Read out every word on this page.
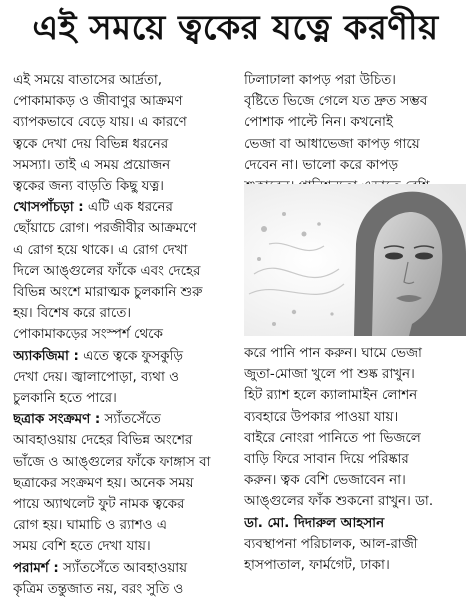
এই সময়ে ত্বকের যত্নে করণীয়

এই সময়ে বাতাসের আর্দ্রতা,

পোকামাকড় ও জীবাণুর আক্রমণ

ব্যাপকভাবে বেড়ে যায়। এ কারণে

ত্বকে দেখা দেয় বিভিন্ন ধরনের

সমস্যা। তাই এ সময় প্রয়োজন

ত্বকের জন্য বাড়তি কিছু যত্ন।

খোসপাঁচড়া : এটি এক ধরনের

ছোঁয়াচে রোগ। পরজীবীর আক্রমণে

এ রোগ হয়ে থাকে। এ রোগ দেখা

দিলে আঙ্গুলের ফাঁকে এবং দেহের

বিভিন্ন অংশে মারাত্মক চুলকানি শুরু

হয়। বিশেষ করে রাতে।

পোকামাকড়ের সংস্পর্শ থেকে

অ্যাকজিমা : এতে ত্বকে ফুসকুড়ি

দেখা দেয়। জ্বালাপোড়া, ব্যথা ও

চুলকানি হতে পারে।

ছত্রাক সংক্রমণ : স্যাঁতসেঁতে

আবহাওয়ায় দেহের বিভিন্ন অংশের

ভাঁজে ও আঙ্গুলের ফাঁকে ফাঙ্গাস বা

ছত্রাকের সংক্রমণ হয়। অনেক সময়

পায়ে অ্যাথলেট ফুট নামক ত্বকের

রোগ হয়। ঘামাচি ও র‍্যাশও এ

সময় বেশি হতে দেখা যায়।

পরামর্শ : স্যাঁতসেঁতে আবহাওয়ায়

কৃত্রিম তন্তুজাত নয়, বরং সুতি ও

ঢিলাঢালা কাপড় পরা উচিত।

বৃষ্টিতে ভিজে গেলে যত দ্রুত সম্ভব

পোশাক পাল্টে নিন। কখনোই

ভেজা বা আধাভেজা কাপড় গায়ে

দেবেন না। ভালো করে কাপড়

করে পানি পান করুন। ঘামে ভেজা

জুতা-মোজা খুলে পা শুষ্ক রাখুন।

হিট র‍্যাশ হলে ক্যালামাইন লোশন

ব্যবহারে উপকার পাওয়া যায়।

বাইরে নোংরা পানিতে পা ভিজলে

বাড়ি ফিরে সাবান দিয়ে পরিষ্কার

করুন। ত্বক বেশি ভেজাবেন না।

আঙ্গুলের ফাঁক শুকনো রাখুন। ডা.

ডা. মো. দিদারুল আহসান

ব্যবস্থাপনা পরিচালক, আল-রাজী

হাসপাতাল, ফার্মগেট, ঢাকা।
